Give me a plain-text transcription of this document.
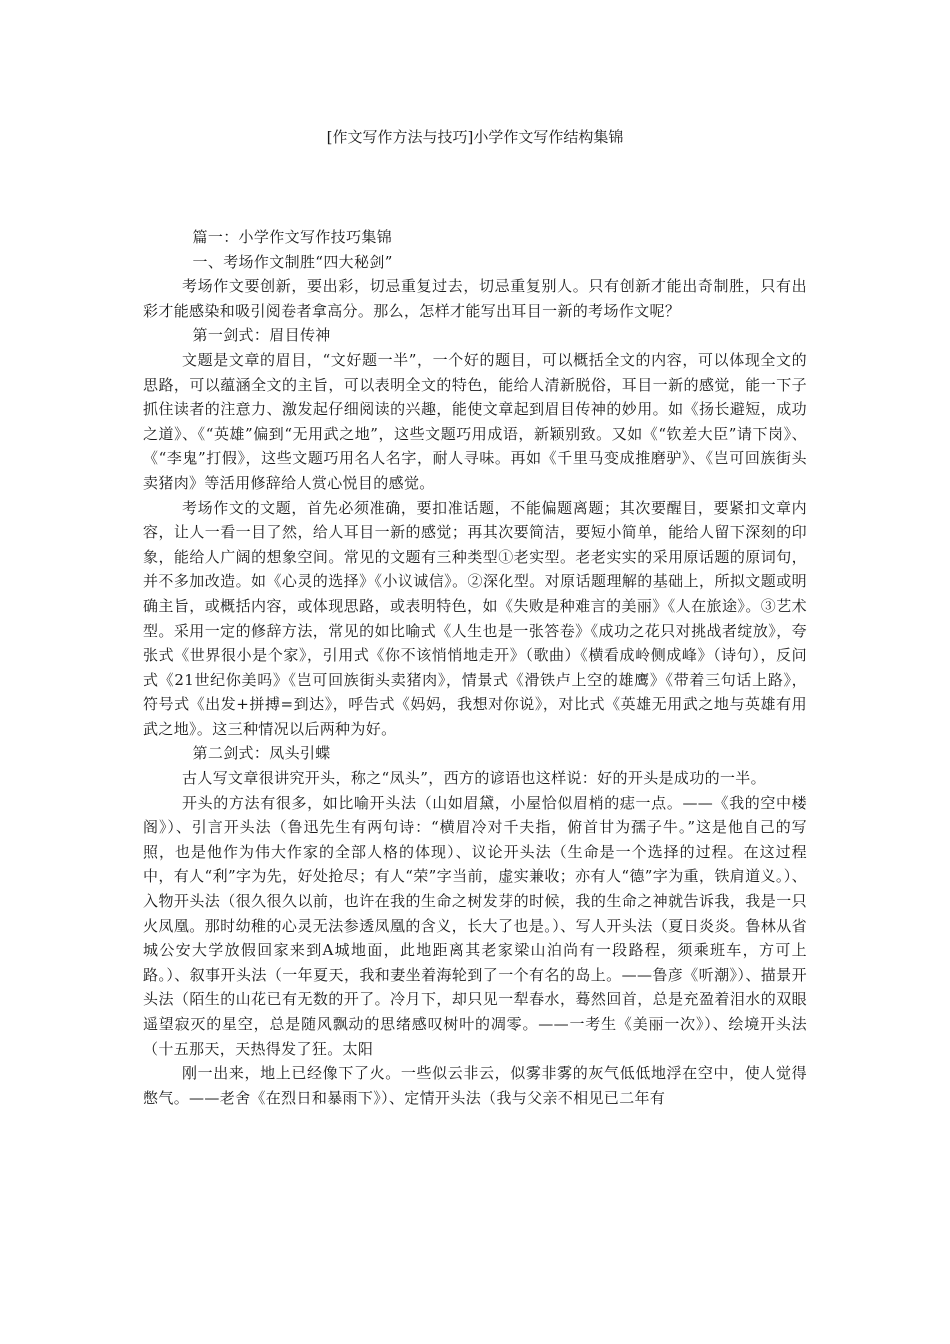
[作文写作方法与技巧]小学作文写作结构集锦

篇一：小学作文写作技巧集锦

一、考场作文制胜“四大秘剑”

考场作文要创新，要出彩，切忌重复过去，切忌重复别人。只有创新才能出奇制胜，只有出彩才能感染和吸引阅卷者拿高分。那么，怎样才能写出耳目一新的考场作文呢？

第一剑式：眉目传神

文题是文章的眉目，“文好题一半”，一个好的题目，可以概括全文的内容，可以体现全文的思路，可以蕴涵全文的主旨，可以表明全文的特色，能给人清新脱俗，耳目一新的感觉，能一下子抓住读者的注意力、激发起仔细阅读的兴趣，能使文章起到眉目传神的妙用。如《扬长避短，成功之道》、《“英雄”偏到“无用武之地”，这些文题巧用成语，新颖别致。又如《“钦差大臣”请下岗》、《“李鬼”打假》，这些文题巧用名人名字，耐人寻味。再如《千里马变成推磨驴》、《岂可回族街头卖猪肉》等活用修辞给人赏心悦目的感觉。

考场作文的文题，首先必须准确，要扣准话题，不能偏题离题；其次要醒目，要紧扣文章内容，让人一看一目了然，给人耳目一新的感觉；再其次要简洁，要短小简单，能给人留下深刻的印象，能给人广阔的想象空间。常见的文题有三种类型①老实型。老老实实的采用原话题的原词句，并不多加改造。如《心灵的选择》《小议诚信》。②深化型。对原话题理解的基础上，所拟文题或明确主旨，或概括内容，或体现思路，或表明特色，如《失败是种难言的美丽》《人在旅途》。③艺术型。采用一定的修辞方法，常见的如比喻式《人生也是一张答卷》《成功之花只对挑战者绽放》，夸张式《世界很小是个家》，引用式《你不该悄悄地走开》（歌曲）《横看成岭侧成峰》（诗句），反问式《21世纪你美吗》《岂可回族街头卖猪肉》，情景式《滑铁卢上空的雄鹰》《带着三句话上路》，符号式《出发+拼搏=到达》，呼告式《妈妈，我想对你说》，对比式《英雄无用武之地与英雄有用武之地》。这三种情况以后两种为好。

第二剑式：凤头引蝶

古人写文章很讲究开头，称之“凤头”，西方的谚语也这样说：好的开头是成功的一半。

开头的方法有很多，如比喻开头法（山如眉黛，小屋恰似眉梢的痣一点。——《我的空中楼阁》）、引言开头法（鲁迅先生有两句诗：“横眉冷对千夫指，俯首甘为孺子牛。”这是他自己的写照，也是他作为伟大作家的全部人格的体现）、议论开头法（生命是一个选择的过程。在这过程中，有人“利”字为先，好处抢尽；有人“荣”字当前，虚实兼收；亦有人“德”字为重，铁肩道义。）、入物开头法（很久很久以前，也许在我的生命之树发芽的时候，我的生命之神就告诉我，我是一只火凤凰。那时幼稚的心灵无法参透凤凰的含义，长大了也是。）、写人开头法（夏日炎炎。鲁林从省城公安大学放假回家来到A城地面，此地距离其老家梁山泊尚有一段路程，须乘班车，方可上路。）、叙事开头法（一年夏天，我和妻坐着海轮到了一个有名的岛上。——鲁彦《听潮》）、描景开头法（陌生的山花已有无数的开了。冷月下，却只见一犁春水，蓦然回首，总是充盈着泪水的双眼遥望寂灭的星空，总是随风飘动的思绪感叹树叶的凋零。——一考生《美丽一次》）、绘境开头法（十五那天，天热得发了狂。太阳

刚一出来，地上已经像下了火。一些似云非云，似雾非雾的灰气低低地浮在空中，使人觉得憋气。——老舍《在烈日和暴雨下》）、定情开头法（我与父亲不相见已二年有
